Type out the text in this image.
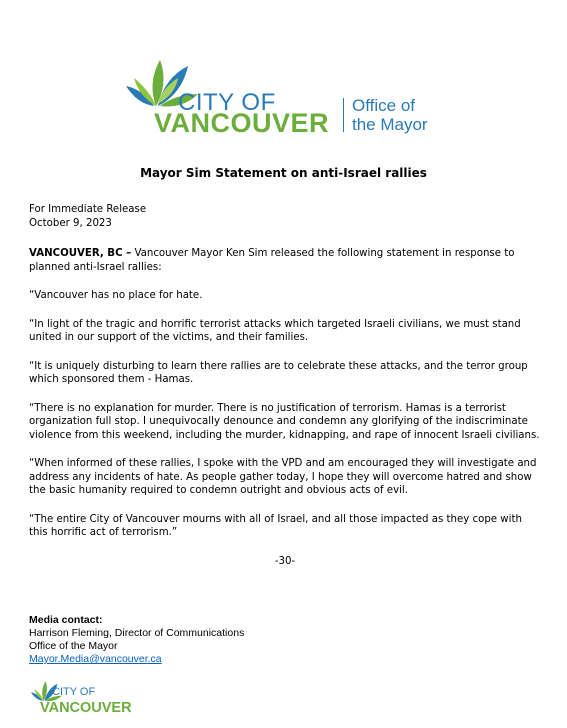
CITY OF
VANCOUVER
Office of
the Mayor
Mayor Sim Statement on anti-Israel rallies

For Immediate Release
October 9, 2023

VANCOUVER, BC – Vancouver Mayor Ken Sim released the following statement in response to planned anti-Israel rallies:

“Vancouver has no place for hate.

“In light of the tragic and horrific terrorist attacks which targeted Israeli civilians, we must stand united in our support of the victims, and their families.

“It is uniquely disturbing to learn there rallies are to celebrate these attacks, and the terror group which sponsored them - Hamas.

“There is no explanation for murder. There is no justification of terrorism. Hamas is a terrorist organization full stop. I unequivocally denounce and condemn any glorifying of the indiscriminate violence from this weekend, including the murder, kidnapping, and rape of innocent Israeli civilians.

“When informed of these rallies, I spoke with the VPD and am encouraged they will investigate and address any incidents of hate. As people gather today, I hope they will overcome hatred and show the basic humanity required to condemn outright and obvious acts of evil.

“The entire City of Vancouver mourns with all of Israel, and all those impacted as they cope with this horrific act of terrorism.”

-30-
Media contact:
Harrison Fleming, Director of Communications
Office of the Mayor
Mayor.Media@vancouver.ca
CITY OF
VANCOUVER
